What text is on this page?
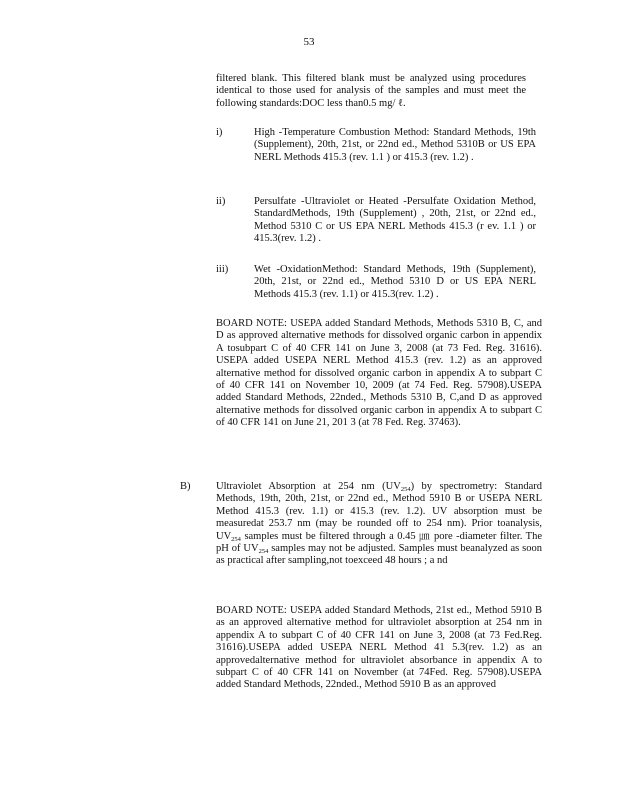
53

filtered blank. This filtered blank must be analyzed using procedures identical to those used for analysis of the samples and must meet the following standards:DOC less than0.5 mg/ ℓ.

i)	High -Temperature Combustion Method: Standard Methods, 19th (Supplement), 20th, 21st, or 22nd ed., Method 5310B or US EPA NERL Methods 415.3 (rev. 1.1 ) or 415.3 (rev. 1.2) .

ii)	Persulfate -Ultraviolet or Heated -Persulfate Oxidation Method, StandardMethods, 19th (Supplement) , 20th, 21st, or 22nd ed., Method 5310 C or US EPA NERL Methods 415.3 (r ev. 1.1 ) or 415.3(rev. 1.2) .

iii)	Wet -OxidationMethod: Standard Methods, 19th (Supplement), 20th, 21st, or 22nd ed., Method 5310 D or US EPA NERL Methods 415.3 (rev. 1.1) or 415.3(rev. 1.2) .

BOARD NOTE: USEPA added Standard Methods, Methods 5310 B, C, and D as approved alternative methods for dissolved organic carbon in appendix A tosubpart C of 40 CFR 141 on June 3, 2008 (at 73 Fed. Reg. 31616). USEPA added USEPA NERL Method 415.3 (rev. 1.2) as an approved alternative method for dissolved organic carbon in appendix A to subpart C of 40 CFR 141 on November 10, 2009 (at 74 Fed. Reg. 57908).USEPA added Standard Methods, 22nded., Methods 5310 B, C,and D as approved alternative methods for dissolved organic carbon in appendix A to subpart C of 40 CFR 141 on June 21, 201 3 (at 78 Fed. Reg. 37463).

B) Ultraviolet Absorption at 254 nm $(UV_{254})$ by spectrometry: Standard Methods, 19th, 20th, 21st, or 22nd ed., Method 5910 B or USEPA NERL Method 415.3 (rev. 1.1) or 415.3 (rev. 1.2). UV absorption must be measuredat 253.7 nm (may be rounded off to 254 nm). Prior toanalysis, $UV_{254}$ samples must be filtered through a 0.45 ㎛ pore -diameter filter. The pH of $UV_{254}$ samples may not be adjusted. Samples must beanalyzed as soon as practical after sampling,not toexceed 48 hours ; a nd

BOARD NOTE: USEPA added Standard Methods, 21st ed., Method 5910 B as an approved alternative method for ultraviolet absorption at 254 nm in appendix A to subpart C of 40 CFR 141 on June 3, 2008 (at 73 Fed.Reg. 31616).USEPA added USEPA NERL Method 41 5.3(rev. 1.2) as an approvedalternative method for ultraviolet absorbance in appendix A to subpart C of 40 CFR 141 on November (at 74Fed. Reg. 57908).USEPA added Standard Methods, 22nded., Method 5910 B as an approved
